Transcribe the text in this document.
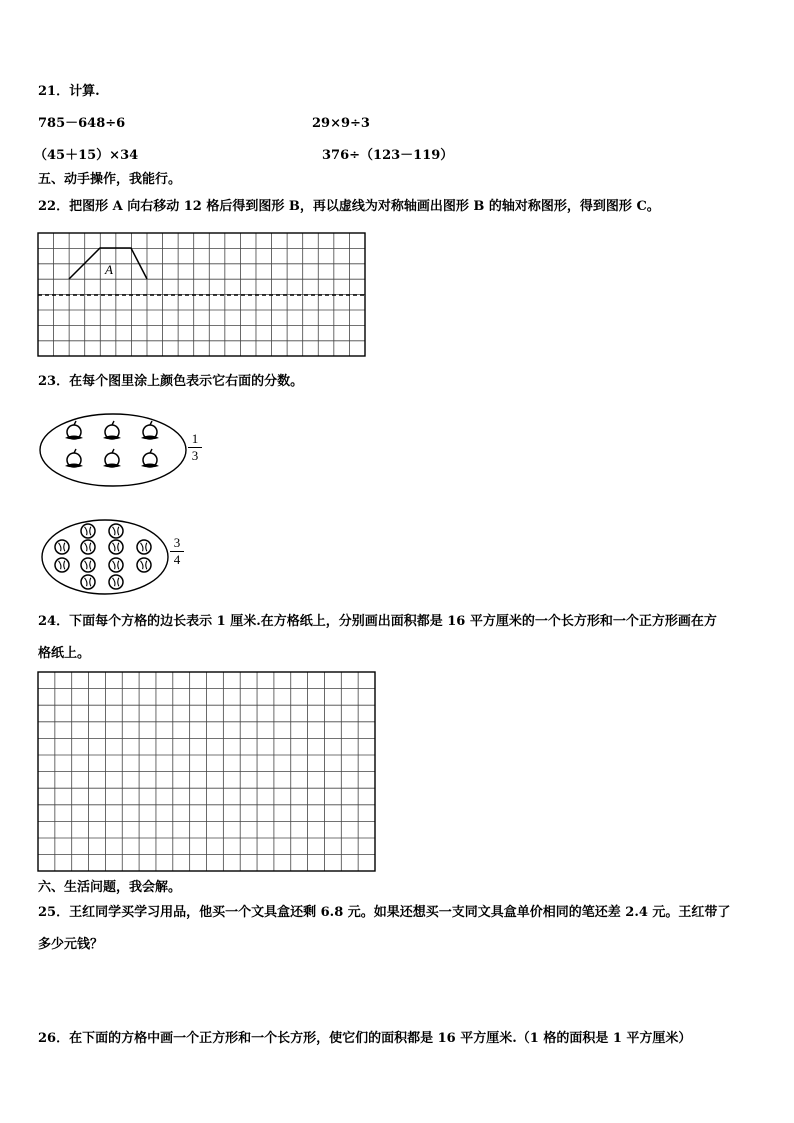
21．计算.
785－648÷6	29×9÷3
（45＋15）×34	376÷（123－119）
五、动手操作，我能行。
22．把图形 A 向右移动 12 格后得到图形 B，再以虚线为对称轴画出图形 B 的轴对称图形，得到图形 C。
A
23．在每个图里涂上颜色表示它右面的分数。
1
3
3
4
24．下面每个方格的边长表示 1 厘米.在方格纸上，分别画出面积都是 16 平方厘米的一个长方形和一个正方形画在方
格纸上。
六、生活问题，我会解。
25．王红同学买学习用品，他买一个文具盒还剩 6.8 元。如果还想买一支同文具盒单价相同的笔还差 2.4 元。王红带了
多少元钱？
26．在下面的方格中画一个正方形和一个长方形，使它们的面积都是 16 平方厘米.（1 格的面积是 1 平方厘米）
